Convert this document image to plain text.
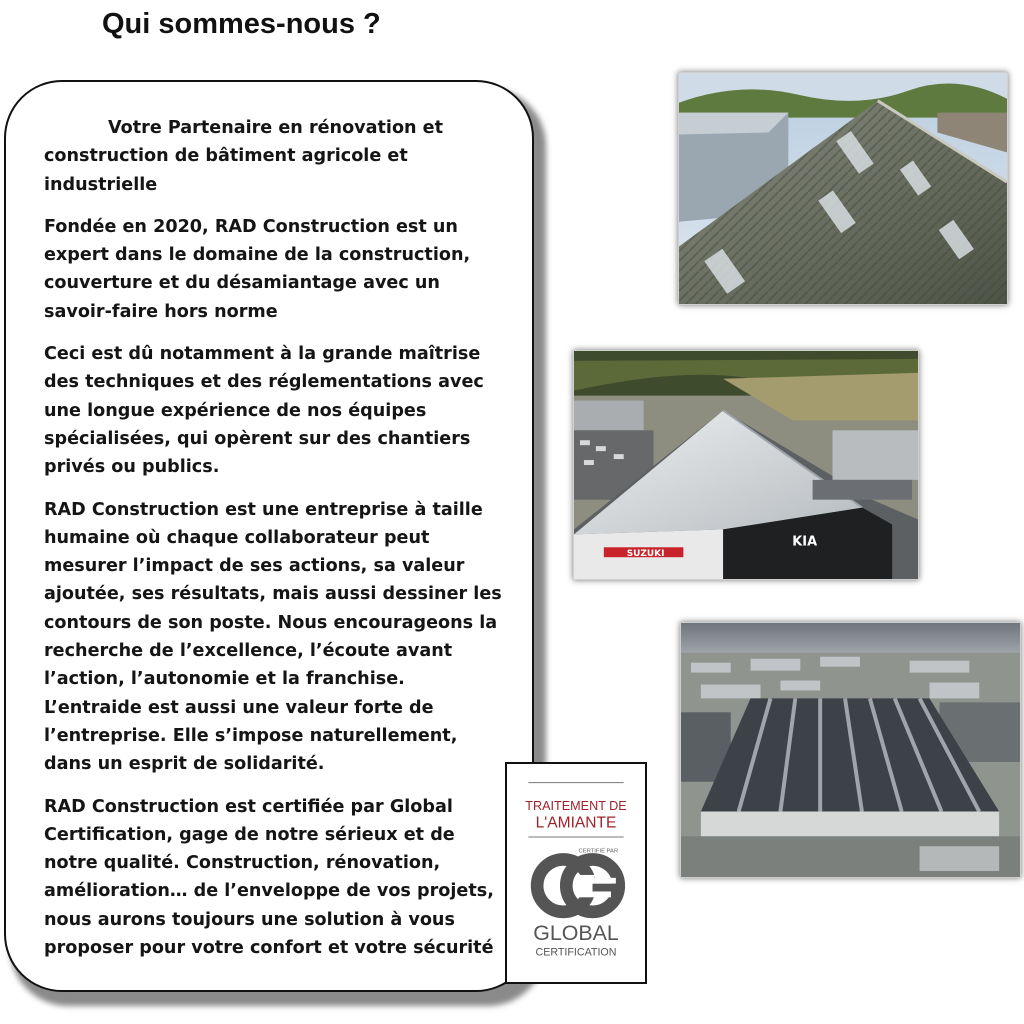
Qui sommes-nous ?

Votre Partenaire en rénovation et construction de bâtiment agricole et industrielle

Fondée en 2020, RAD Construction est un expert dans le domaine de la construction, couverture et du désamiantage avec un savoir-faire hors norme

Ceci est dû notamment à la grande maîtrise des techniques et des réglementations avec une longue expérience de nos équipes spécialisées, qui opèrent sur des chantiers privés ou publics.

RAD Construction est une entreprise à taille humaine où chaque collaborateur peut mesurer l’impact de ses actions, sa valeur ajoutée, ses résultats, mais aussi dessiner les contours de son poste. Nous encourageons la recherche de l’excellence, l’écoute avant l’action, l’autonomie et la franchise. L’entraide est aussi une valeur forte de l’entreprise. Elle s’impose naturellement, dans un esprit de solidarité.

RAD Construction est certifiée par Global Certification, gage de notre sérieux et de notre qualité. Construction, rénovation, amélioration… de l’enveloppe de vos projets, nous aurons toujours une solution à vous proposer pour votre confort et votre sécurité

SUZUKI
KIA
TRAITEMENT DE
L'AMIANTE
CERTIFIÉ PAR
GLOBAL
CERTIFICATION
